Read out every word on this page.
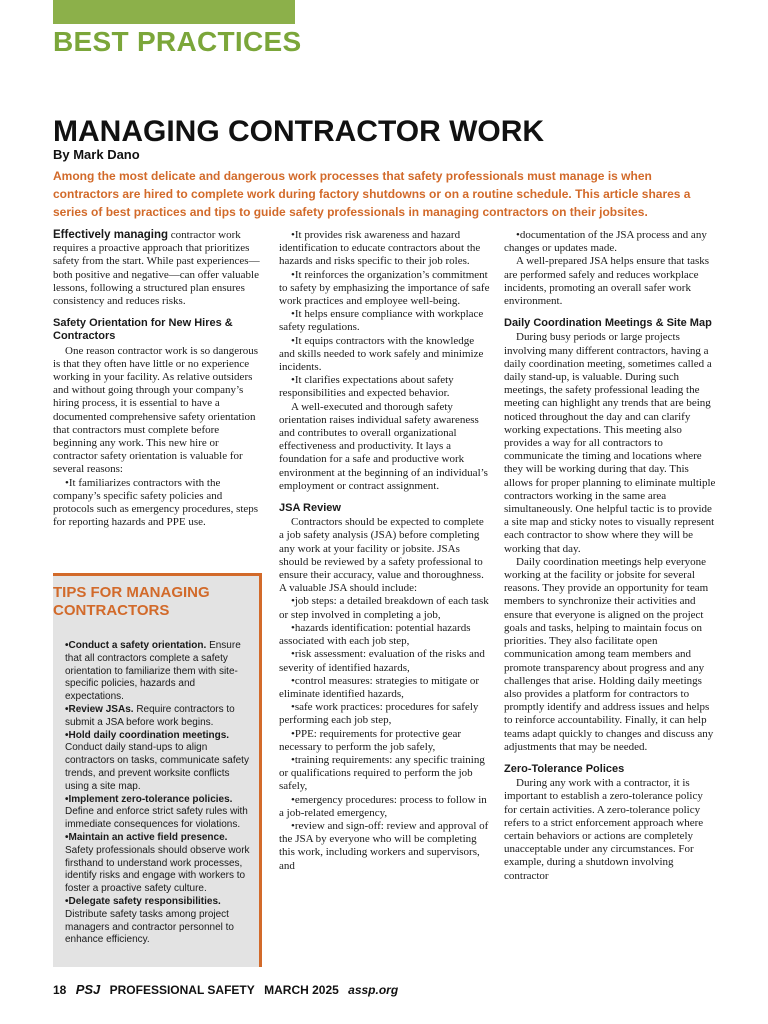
BEST PRACTICES
MANAGING CONTRACTOR WORK
By Mark Dano
Among the most delicate and dangerous work processes that safety professionals must manage is when contractors are hired to complete work during factory shutdowns or on a routine schedule. This article shares a series of best practices and tips to guide safety professionals in managing contractors on their jobsites.

Effectively managing contractor work requires a proactive approach that prioritizes safety from the start. While past experiences—both positive and negative—can offer valuable lessons, following a structured plan ensures consistency and reduces risks.

Safety Orientation for New Hires & Contractors

One reason contractor work is so dangerous is that they often have little or no experience working in your facility. As relative outsiders and without going through your company’s hiring process, it is essential to have a documented comprehensive safety orientation that contractors must complete before beginning any work. This new hire or contractor safety orientation is valuable for several reasons:

•It familiarizes contractors with the company’s specific safety policies and protocols such as emergency procedures, steps for reporting hazards and PPE use.

TIPS FOR MANAGING CONTRACTORS

•Conduct a safety orientation. Ensure that all contractors complete a safety orientation to familiarize them with site-specific policies, hazards and expectations.

•Review JSAs. Require contractors to submit a JSA before work begins.

•Hold daily coordination meetings. Conduct daily stand-ups to align contractors on tasks, communicate safety trends, and prevent worksite conflicts using a site map.

•Implement zero-tolerance policies. Define and enforce strict safety rules with immediate consequences for violations.

•Maintain an active field presence. Safety professionals should observe work firsthand to understand work processes, identify risks and engage with workers to foster a proactive safety culture.

•Delegate safety responsibilities. Distribute safety tasks among project managers and contractor personnel to enhance efficiency.

•It provides risk awareness and hazard identification to educate contractors about the hazards and risks specific to their job roles.

•It reinforces the organization’s commitment to safety by emphasizing the importance of safe work practices and employee well-being.

•It helps ensure compliance with workplace safety regulations.

•It equips contractors with the knowledge and skills needed to work safely and minimize incidents.

•It clarifies expectations about safety responsibilities and expected behavior.

A well-executed and thorough safety orientation raises individual safety awareness and contributes to overall organizational effectiveness and productivity. It lays a foundation for a safe and productive work environment at the beginning of an individual’s employment or contract assignment.

JSA Review

Contractors should be expected to complete a job safety analysis (JSA) before completing any work at your facility or jobsite. JSAs should be reviewed by a safety professional to ensure their accuracy, value and thoroughness. A valuable JSA should include:

•job steps: a detailed breakdown of each task or step involved in completing a job,

•hazards identification: potential hazards associated with each job step,

•risk assessment: evaluation of the risks and severity of identified hazards,

•control measures: strategies to mitigate or eliminate identified hazards,

•safe work practices: procedures for safely performing each job step,

•PPE: requirements for protective gear necessary to perform the job safely,

•training requirements: any specific training or qualifications required to perform the job safely,

•emergency procedures: process to follow in a job-related emergency,

•review and sign-off: review and approval of the JSA by everyone who will be completing this work, including workers and supervisors, and

•documentation of the JSA process and any changes or updates made.

A well-prepared JSA helps ensure that tasks are performed safely and reduces workplace incidents, promoting an overall safer work environment.

Daily Coordination Meetings & Site Map

During busy periods or large projects involving many different contractors, having a daily coordination meeting, sometimes called a daily stand-up, is valuable. During such meetings, the safety professional leading the meeting can highlight any trends that are being noticed throughout the day and can clarify working expectations. This meeting also provides a way for all contractors to communicate the timing and locations where they will be working during that day. This allows for proper planning to eliminate multiple contractors working in the same area simultaneously. One helpful tactic is to provide a site map and sticky notes to visually represent each contractor to show where they will be working that day.

Daily coordination meetings help everyone working at the facility or jobsite for several reasons. They provide an opportunity for team members to synchronize their activities and ensure that everyone is aligned on the project goals and tasks, helping to maintain focus on priorities. They also facilitate open communication among team members and promote transparency about progress and any challenges that arise. Holding daily meetings also provides a platform for contractors to promptly identify and address issues and helps to reinforce accountability. Finally, it can help teams adapt quickly to changes and discuss any adjustments that may be needed.

Zero-Tolerance Polices

During any work with a contractor, it is important to establish a zero-tolerance policy for certain activities. A zero-tolerance policy refers to a strict enforcement approach where certain behaviors or actions are completely unacceptable under any circumstances. For example, during a shutdown involving contractor

18 PSJ PROFESSIONAL SAFETY MARCH 2025 assp.org
